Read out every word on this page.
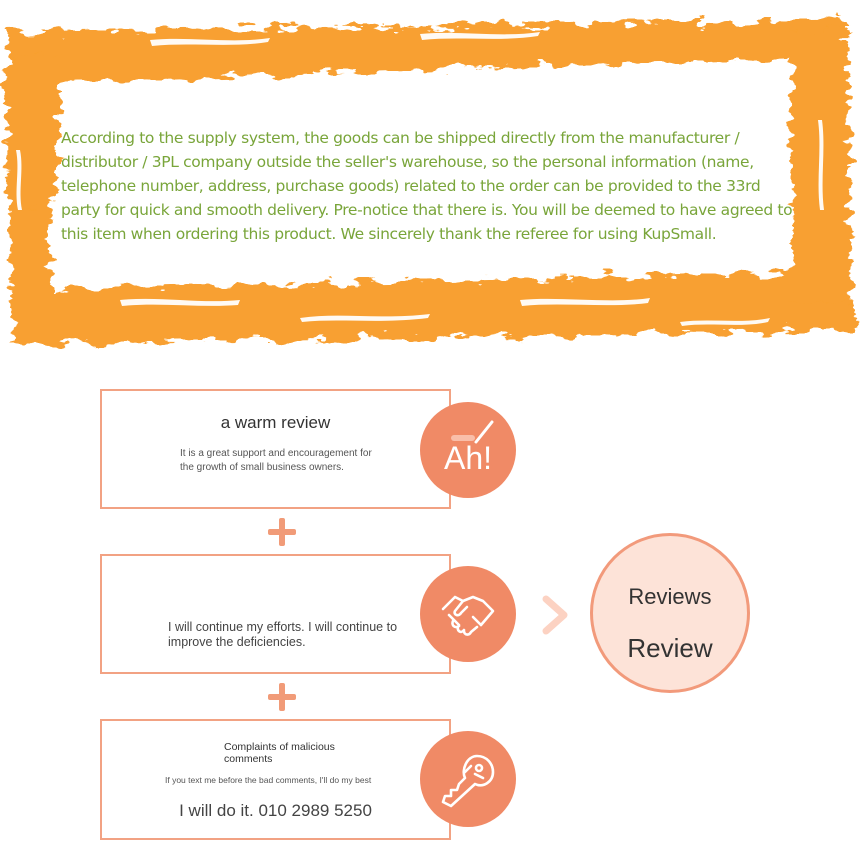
According to the supply system, the goods can be shipped directly from the manufacturer / distributor / 3PL company outside the seller's warehouse, so the personal information (name, telephone number, address, purchase goods) related to the order can be provided to the 33rd party for quick and smooth delivery. Pre-notice that there is. You will be deemed to have agreed to this item when ordering this product. We sincerely thank the referee for using KupSmall.
a warm review
It is a great support and encouragement for the growth of small business owners.	Ah!
I will continue my efforts. I will continue to improve the deficiencies.
Complaints of malicious comments
If you text me before the bad comments, I'll do my best
I will do it. 010 2989 5250
Reviews
Review
